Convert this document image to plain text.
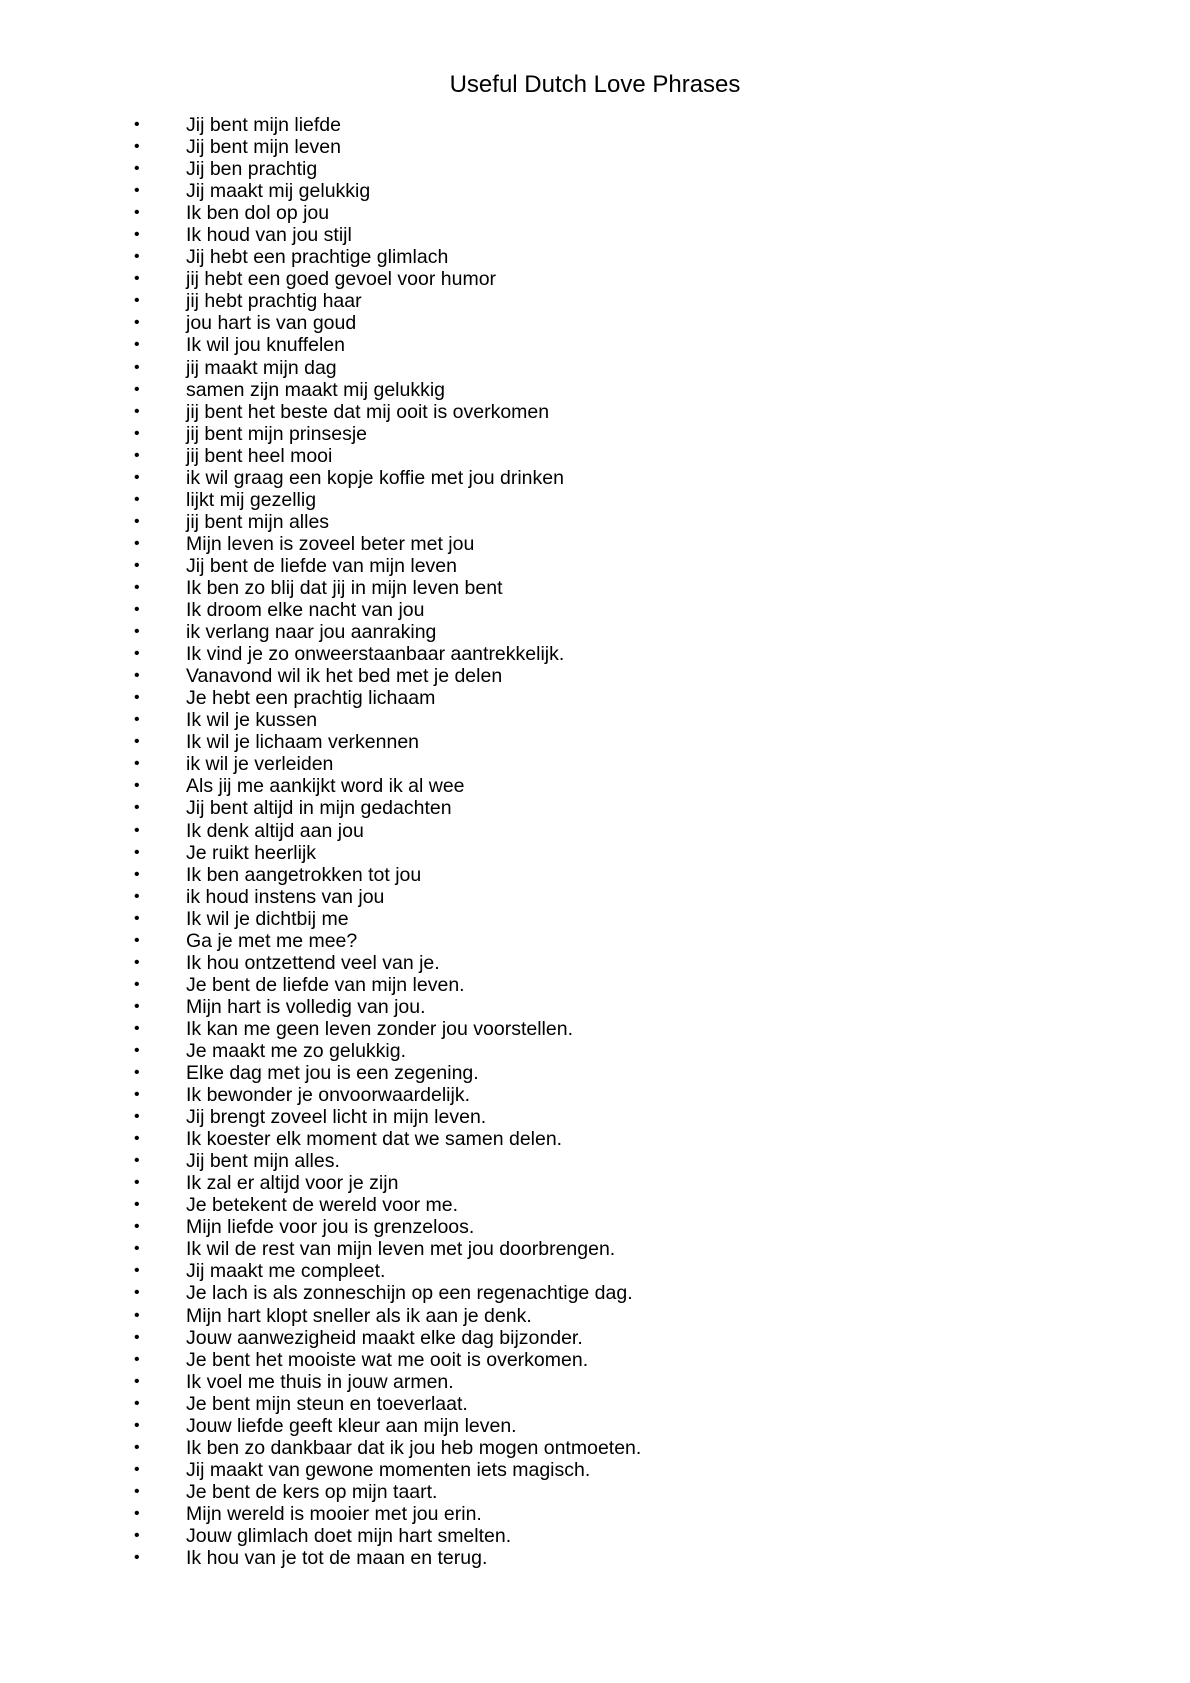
Useful Dutch Love Phrases
• Jij bent mijn liefde
• Jij bent mijn leven
• Jij ben prachtig
• Jij maakt mij gelukkig
• Ik ben dol op jou
• Ik houd van jou stijl
• Jij hebt een prachtige glimlach
• jij hebt een goed gevoel voor humor
• jij hebt prachtig haar
• jou hart is van goud
• Ik wil jou knuffelen
• jij maakt mijn dag
• samen zijn maakt mij gelukkig
• jij bent het beste dat mij ooit is overkomen
• jij bent mijn prinsesje
• jij bent heel mooi
• ik wil graag een kopje koffie met jou drinken
• lijkt mij gezellig
• jij bent mijn alles
• Mijn leven is zoveel beter met jou
• Jij bent de liefde van mijn leven
• Ik ben zo blij dat jij in mijn leven bent
• Ik droom elke nacht van jou
• ik verlang naar jou aanraking
• Ik vind je zo onweerstaanbaar aantrekkelijk.
• Vanavond wil ik het bed met je delen
• Je hebt een prachtig lichaam
• Ik wil je kussen
• Ik wil je lichaam verkennen
• ik wil je verleiden
• Als jij me aankijkt word ik al wee
• Jij bent altijd in mijn gedachten
• Ik denk altijd aan jou
• Je ruikt heerlijk
• Ik ben aangetrokken tot jou
• ik houd instens van jou
• Ik wil je dichtbij me
• Ga je met me mee?
• Ik hou ontzettend veel van je.
• Je bent de liefde van mijn leven.
• Mijn hart is volledig van jou.
• Ik kan me geen leven zonder jou voorstellen.
• Je maakt me zo gelukkig.
• Elke dag met jou is een zegening.
• Ik bewonder je onvoorwaardelijk.
• Jij brengt zoveel licht in mijn leven.
• Ik koester elk moment dat we samen delen.
• Jij bent mijn alles.
• Ik zal er altijd voor je zijn
• Je betekent de wereld voor me.
• Mijn liefde voor jou is grenzeloos.
• Ik wil de rest van mijn leven met jou doorbrengen.
• Jij maakt me compleet.
• Je lach is als zonneschijn op een regenachtige dag.
• Mijn hart klopt sneller als ik aan je denk.
• Jouw aanwezigheid maakt elke dag bijzonder.
• Je bent het mooiste wat me ooit is overkomen.
• Ik voel me thuis in jouw armen.
• Je bent mijn steun en toeverlaat.
• Jouw liefde geeft kleur aan mijn leven.
• Ik ben zo dankbaar dat ik jou heb mogen ontmoeten.
• Jij maakt van gewone momenten iets magisch.
• Je bent de kers op mijn taart.
• Mijn wereld is mooier met jou erin.
• Jouw glimlach doet mijn hart smelten.
• Ik hou van je tot de maan en terug.
